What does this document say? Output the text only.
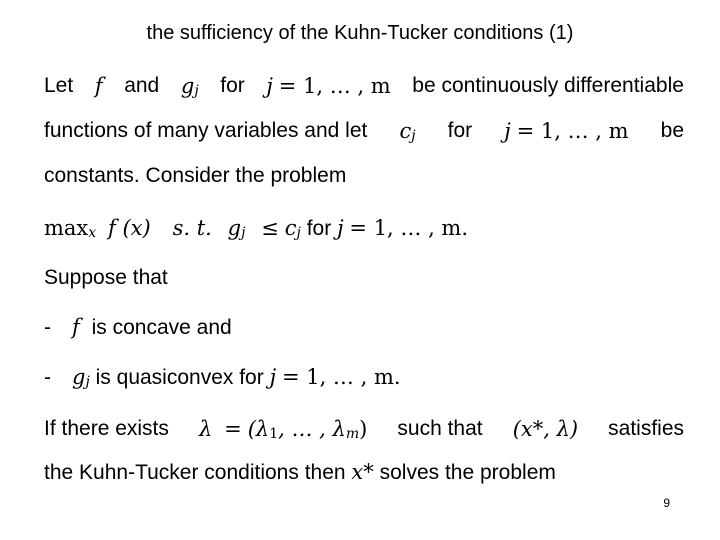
the sufficiency of the Kuhn-Tucker conditions (1)
Let f and $g_j$ for j = 1, … , m be continuously differentiable
functions of many variables and let $c_j$ for j = 1, … , m be
constants. Consider the problem
$\max_x f$ (x) s. t. $g_j \le c_j$ for j = 1, … , m.
Suppose that
- f is concave and
- $g_j$ is quasiconvex for j = 1, … , m.
If there exists $\lambda = (\lambda_1$, … , $\lambda_m$) such that (x*, λ) satisfies
the Kuhn-Tucker conditions then x* solves the problem
9
